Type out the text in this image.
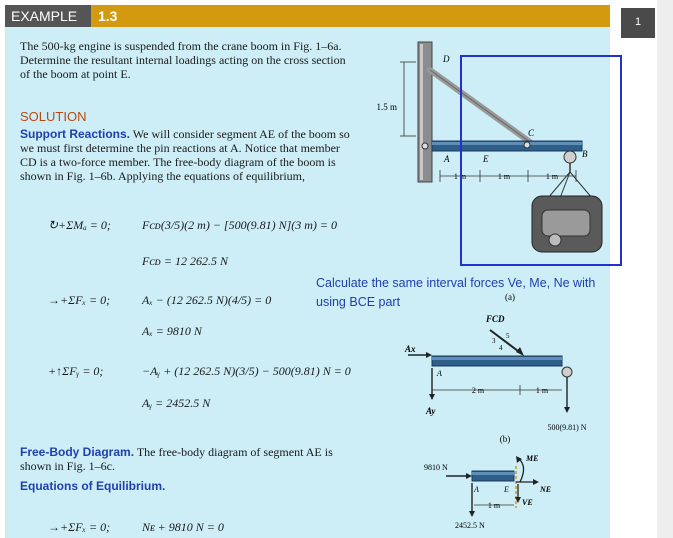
EXAMPLE	1.3	1
The 500-kg engine is suspended from the crane boom in Fig. 1–6a.
Determine the resultant internal loadings acting on the cross section
of the boom at point E.
SOLUTION
Support Reactions. We will consider segment AE of the boom so
we must first determine the pin reactions at A. Notice that member
CD is a two-force member. The free-body diagram of the boom is
shown in Fig. 1–6b. Applying the equations of equilibrium,
↻+ΣMₐ = 0;	Fᴄᴅ(3/5)(2 m) − [500(9.81) N](3 m) = 0
Fᴄᴅ = 12 262.5 N
→+ΣFₓ = 0;	Aₓ − (12 262.5 N)(4/5) = 0
Aₓ = 9810 N
+↑ΣFᵧ = 0;	−Aᵧ + (12 262.5 N)(3/5) − 500(9.81) N = 0
Aᵧ = 2452.5 N
Free-Body Diagram. The free-body diagram of segment AE is
shown in Fig. 1–6c.
Equations of Equilibrium.
→+ΣFₓ = 0;	Nᴇ + 9810 N = 0
Calculate the same interval forces Ve, Me, Ne with
using BCE part
1.5 m
D
C
B
A	E
1 m	1 m	1 m
(a)
Ax
Ay
A
FCD
5
3
4
500(9.81) N
2 m	1 m
(b)
9810 N
2452.5 N
ME
NE
VE
A	E
1 m
